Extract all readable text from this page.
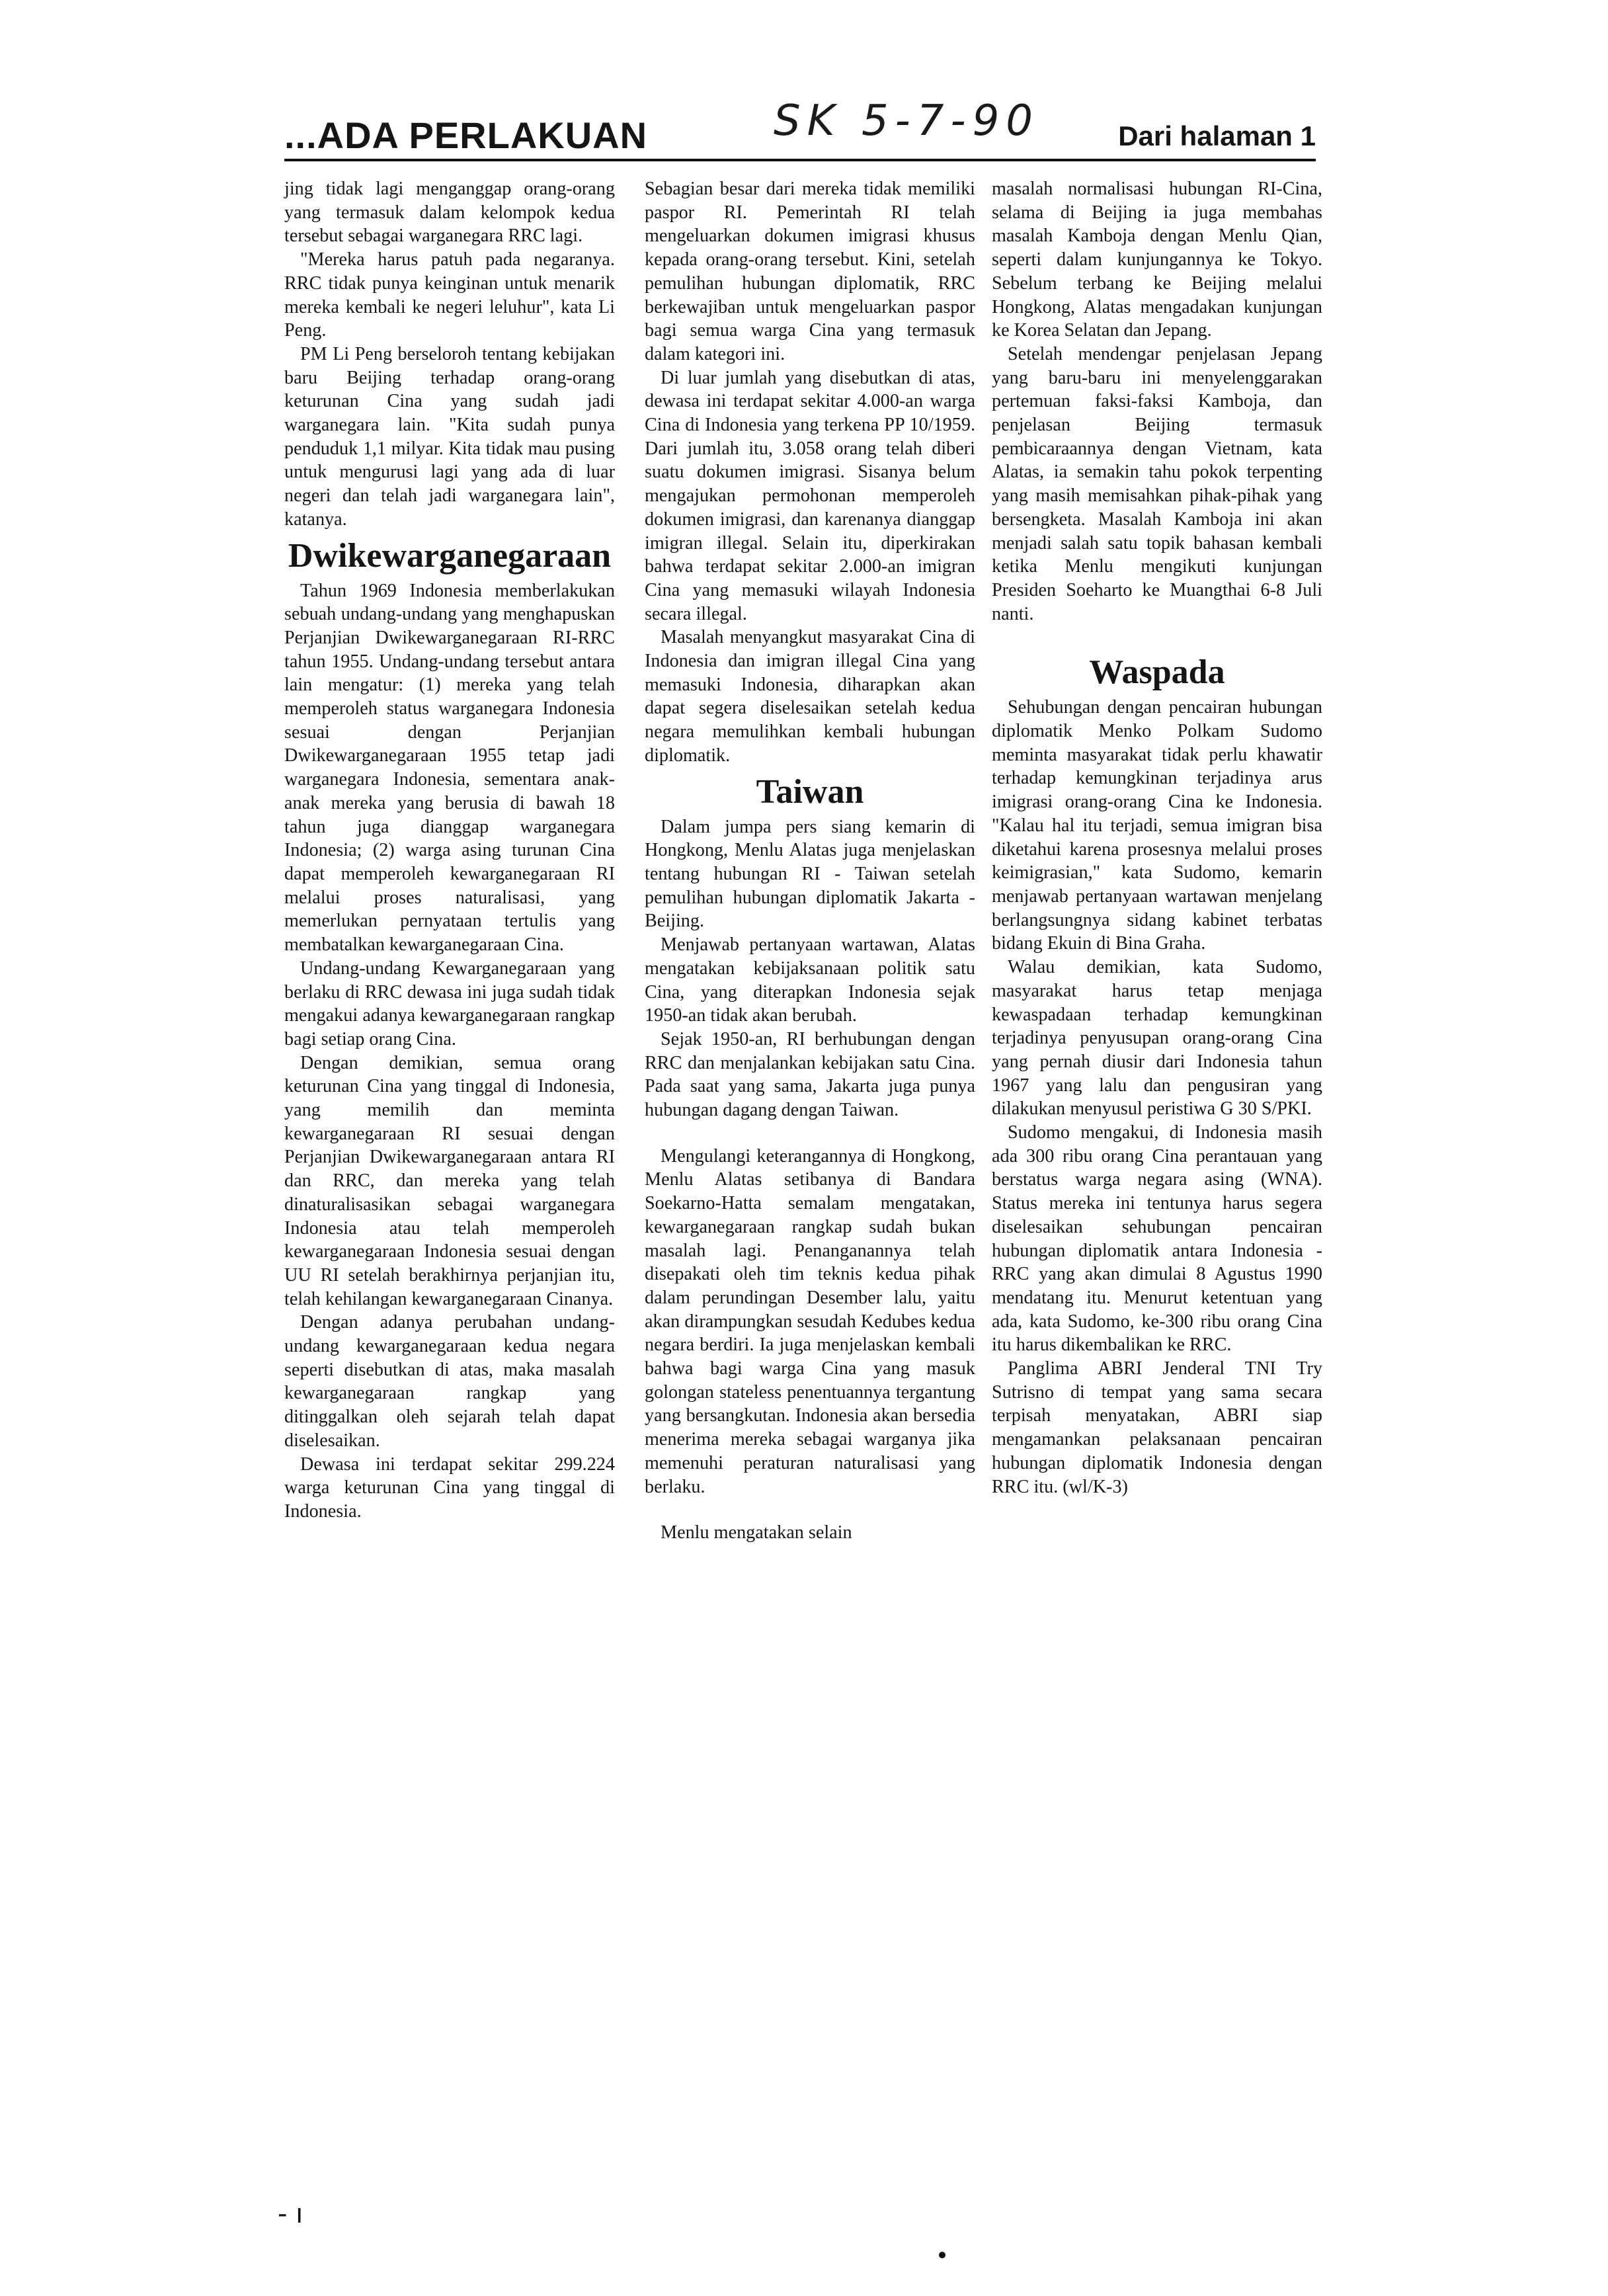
...ADA PERLAKUAN	SK 5-7-90	Dari halaman 1

jing tidak lagi menganggap orang-orang yang termasuk dalam kelompok kedua tersebut sebagai warganegara RRC lagi.

"Mereka harus patuh pada negaranya. RRC tidak punya keinginan untuk menarik mereka kembali ke negeri leluhur", kata Li Peng.

PM Li Peng berseloroh tentang kebijakan baru Beijing terhadap orang-orang keturunan Cina yang sudah jadi warganegara lain. "Kita sudah punya penduduk 1,1 milyar. Kita tidak mau pusing untuk mengurusi lagi yang ada di luar negeri dan telah jadi warganegara lain", katanya.

Dwikewarganegaraan

Tahun 1969 Indonesia memberlakukan sebuah undang-undang yang menghapuskan Perjanjian Dwikewarganegaraan RI-RRC tahun 1955. Undang-undang tersebut antara lain mengatur: (1) mereka yang telah memperoleh status warganegara Indonesia sesuai dengan Perjanjian Dwikewarganegaraan 1955 tetap jadi warganegara Indonesia, sementara anak-anak mereka yang berusia di bawah 18 tahun juga dianggap warganegara Indonesia; (2) warga asing turunan Cina dapat memperoleh kewarganegaraan RI melalui proses naturalisasi, yang memerlukan pernyataan tertulis yang membatalkan kewarganegaraan Cina.

Undang-undang Kewarganegaraan yang berlaku di RRC dewasa ini juga sudah tidak mengakui adanya kewarganegaraan rangkap bagi setiap orang Cina.

Dengan demikian, semua orang keturunan Cina yang tinggal di Indonesia, yang memilih dan meminta kewarganegaraan RI sesuai dengan Perjanjian Dwikewarganegaraan antara RI dan RRC, dan mereka yang telah dinaturalisasikan sebagai warganegara Indonesia atau telah memperoleh kewarganegaraan Indonesia sesuai dengan UU RI setelah berakhirnya perjanjian itu, telah kehilangan kewarganegaraan Cinanya.

Dengan adanya perubahan undang-undang kewarganegaraan kedua negara seperti disebutkan di atas, maka masalah kewarganegaraan rangkap yang ditinggalkan oleh sejarah telah dapat diselesaikan.

Dewasa ini terdapat sekitar 299.224 warga keturunan Cina yang tinggal di Indonesia.

Sebagian besar dari mereka tidak memiliki paspor RI. Pemerintah RI telah mengeluarkan dokumen imigrasi khusus kepada orang-orang tersebut. Kini, setelah pemulihan hubungan diplomatik, RRC berkewajiban untuk mengeluarkan paspor bagi semua warga Cina yang termasuk dalam kategori ini.

Di luar jumlah yang disebutkan di atas, dewasa ini terdapat sekitar 4.000-an warga Cina di Indonesia yang terkena PP 10/1959. Dari jumlah itu, 3.058 orang telah diberi suatu dokumen imigrasi. Sisanya belum mengajukan permohonan memperoleh dokumen imigrasi, dan karenanya dianggap imigran illegal. Selain itu, diperkirakan bahwa terdapat sekitar 2.000-an imigran Cina yang memasuki wilayah Indonesia secara illegal.

Masalah menyangkut masyarakat Cina di Indonesia dan imigran illegal Cina yang memasuki Indonesia, diharapkan akan dapat segera diselesaikan setelah kedua negara memulihkan kembali hubungan diplomatik.

Taiwan

Dalam jumpa pers siang kemarin di Hongkong, Menlu Alatas juga menjelaskan tentang hubungan RI - Taiwan setelah pemulihan hubungan diplomatik Jakarta - Beijing.

Menjawab pertanyaan wartawan, Alatas mengatakan kebijaksanaan politik satu Cina, yang diterapkan Indonesia sejak 1950-an tidak akan berubah.

Sejak 1950-an, RI berhubungan dengan RRC dan menjalankan kebijakan satu Cina. Pada saat yang sama, Jakarta juga punya hubungan dagang dengan Taiwan.

Mengulangi keterangannya di Hongkong, Menlu Alatas setibanya di Bandara Soekarno-Hatta semalam mengatakan, kewarganegaraan rangkap sudah bukan masalah lagi. Penanganannya telah disepakati oleh tim teknis kedua pihak dalam perundingan Desember lalu, yaitu akan dirampungkan sesudah Kedubes kedua negara berdiri. Ia juga menjelaskan kembali bahwa bagi warga Cina yang masuk golongan stateless penentuannya tergantung yang bersangkutan. Indonesia akan bersedia menerima mereka sebagai warganya jika memenuhi peraturan naturalisasi yang berlaku.

Menlu mengatakan selain

masalah normalisasi hubungan RI-Cina, selama di Beijing ia juga membahas masalah Kamboja dengan Menlu Qian, seperti dalam kunjungannya ke Tokyo. Sebelum terbang ke Beijing melalui Hongkong, Alatas mengadakan kunjungan ke Korea Selatan dan Jepang.

Setelah mendengar penjelasan Jepang yang baru-baru ini menyelenggarakan pertemuan faksi-faksi Kamboja, dan penjelasan Beijing termasuk pembicaraannya dengan Vietnam, kata Alatas, ia semakin tahu pokok terpenting yang masih memisahkan pihak-pihak yang bersengketa. Masalah Kamboja ini akan menjadi salah satu topik bahasan kembali ketika Menlu mengikuti kunjungan Presiden Soeharto ke Muangthai 6-8 Juli nanti.

Waspada

Sehubungan dengan pencairan hubungan diplomatik Menko Polkam Sudomo meminta masyarakat tidak perlu khawatir terhadap kemungkinan terjadinya arus imigrasi orang-orang Cina ke Indonesia. "Kalau hal itu terjadi, semua imigran bisa diketahui karena prosesnya melalui proses keimigrasian," kata Sudomo, kemarin menjawab pertanyaan wartawan menjelang berlangsungnya sidang kabinet terbatas bidang Ekuin di Bina Graha.

Walau demikian, kata Sudomo, masyarakat harus tetap menjaga kewaspadaan terhadap kemungkinan terjadinya penyusupan orang-orang Cina yang pernah diusir dari Indonesia tahun 1967 yang lalu dan pengusiran yang dilakukan menyusul peristiwa G 30 S/PKI.

Sudomo mengakui, di Indonesia masih ada 300 ribu orang Cina perantauan yang berstatus warga negara asing (WNA). Status mereka ini tentunya harus segera diselesaikan sehubungan pencairan hubungan diplomatik antara Indonesia - RRC yang akan dimulai 8 Agustus 1990 mendatang itu. Menurut ketentuan yang ada, kata Sudomo, ke-300 ribu orang Cina itu harus dikembalikan ke RRC.

Panglima ABRI Jenderal TNI Try Sutrisno di tempat yang sama secara terpisah menyatakan, ABRI siap mengamankan pelaksanaan pencairan hubungan diplomatik Indonesia dengan RRC itu. (wl/K-3)

- ı
